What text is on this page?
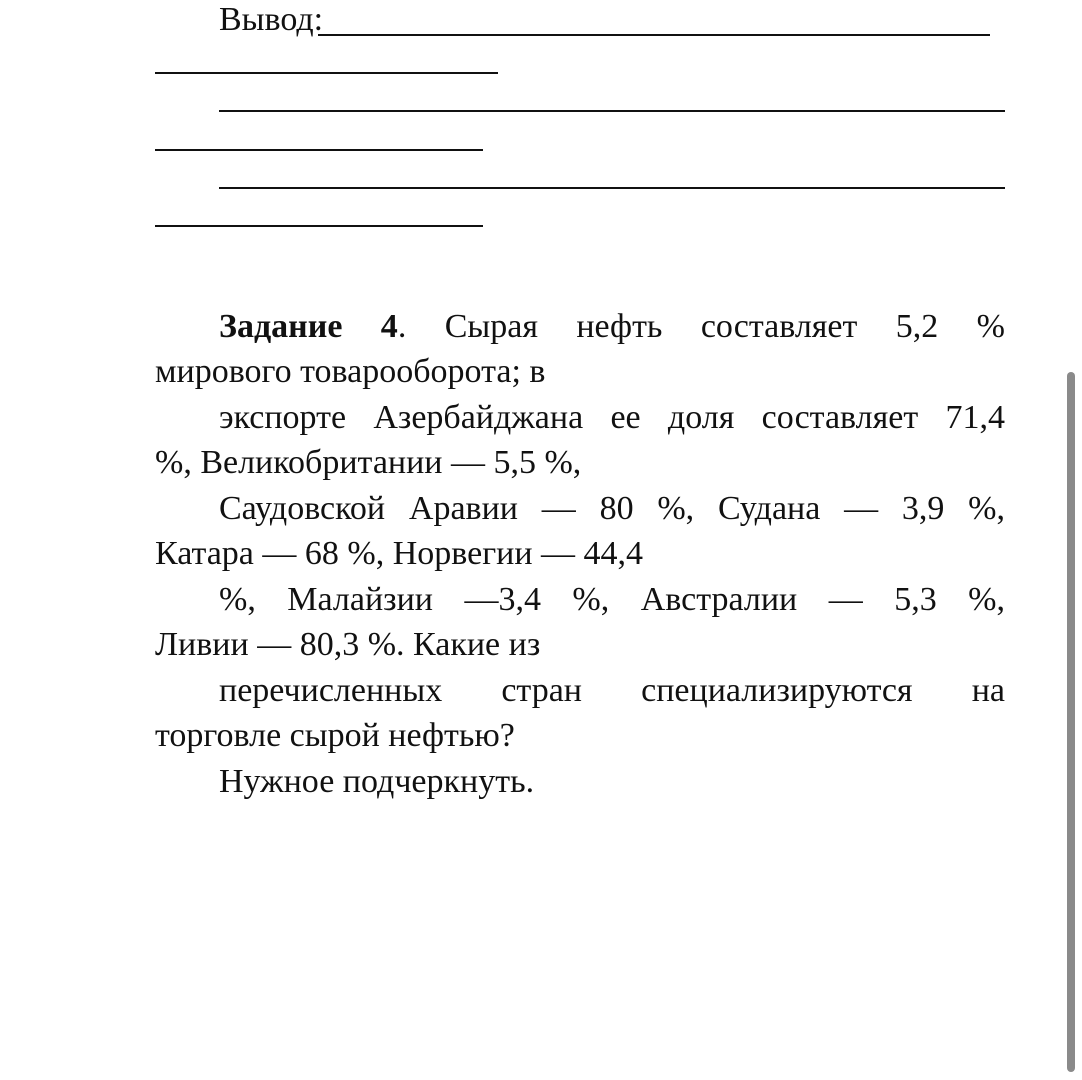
Вывод:
Задание 4. Сырая нефть составляет 5,2 %
мирового товарооборота; в
экспорте Азербайджана ее доля составляет 71,4
%, Великобритании — 5,5 %,
Саудовской Аравии — 80 %, Судана — 3,9 %,
Катара — 68 %, Норвегии — 44,4
%, Малайзии —3,4 %, Австралии — 5,3 %,
Ливии — 80,3 %. Какие из
перечисленных стран специализируются на
торговле сырой нефтью?
Нужное подчеркнуть.
